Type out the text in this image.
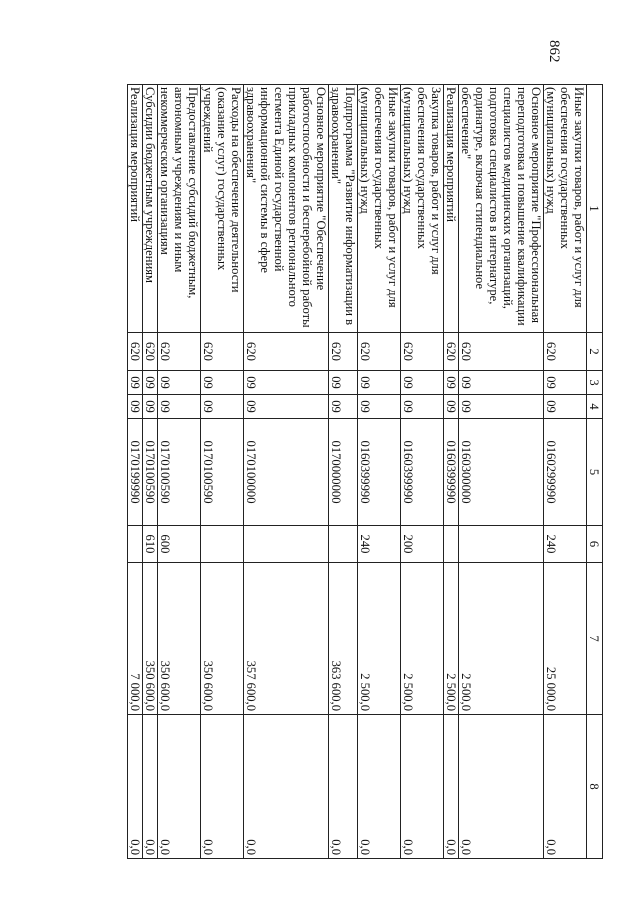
862
1	2	3	4	5	6	7	8
Иные закупки товаров, работ и услуг для обеспечения государственных (муниципальных) нужд	620	09	09	0160299990	240	25 000,0	0,0
Основное мероприятие "Профессиональная переподготовка и повышение квалификации специалистов медицинских организаций, подготовка специалистов в интернатуре, ординатуре, включая стипендиальное обеспечение"	620	09	09	0160300000		2 500,0	0,0
Реализация мероприятий	620	09	09	0160399990		2 500,0	0,0
Закупка товаров, работ и услуг для обеспечения государственных (муниципальных) нужд	620	09	09	0160399990	200	2 500,0	0,0
Иные закупки товаров, работ и услуг для обеспечения государственных (муниципальных) нужд	620	09	09	0160399990	240	2 500,0	0,0
Подпрограмма "Развитие информатизации в здравоохранении"	620	09	09	0170000000		363 600,0	0,0
Основное мероприятие "Обеспечение работоспособности и бесперебойной работы прикладных компонентов регионального сегмента Единой государственной информационной системы в сфере здравоохранения"	620	09	09	0170100000		357 600,0	0,0
Расходы на обеспечение деятельности (оказание услуг) государственных учреждений	620	09	09	0170100590		350 600,0	0,0
Предоставление субсидий бюджетным, автономным учреждениям и иным некоммерческим организациям	620	09	09	0170100590	600	350 600,0	0,0
Субсидии бюджетным учреждениям	620	09	09	0170100590	610	350 600,0	0,0
Реализация мероприятий	620	09	09	0170199990		7 000,0	0,0
